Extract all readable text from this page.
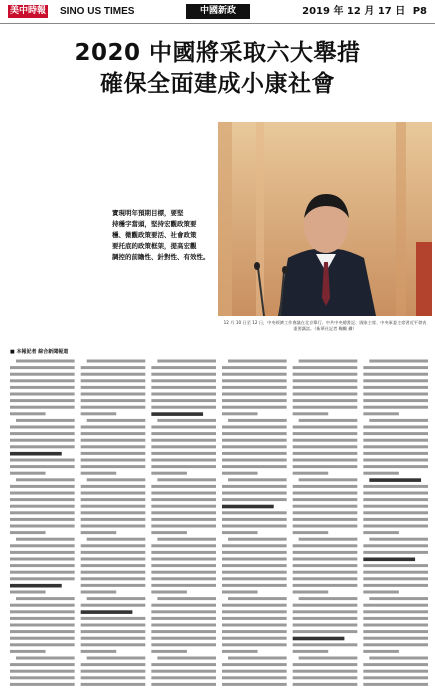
美中時報 SINO US TIMES	中國新政	2019 年 12 月 17 日 P8
2020 中國將采取六大舉措
確保全面建成小康社會

12 月 10 日至 12 日，中央經濟工作會議在北京舉行。中共中央總書記、國家主席、中央軍委主席習近平發表重要講話。（新華社記者 鞠鵬 攝）

實現明年預期目標，要堅
持穩字當頭，堅持宏觀政策要
穩、微觀政策要活、社會政策
要托底的政策框架，提高宏觀
調控的前瞻性、針對性、有效性。
■ 本報記者 綜合新聞報道
